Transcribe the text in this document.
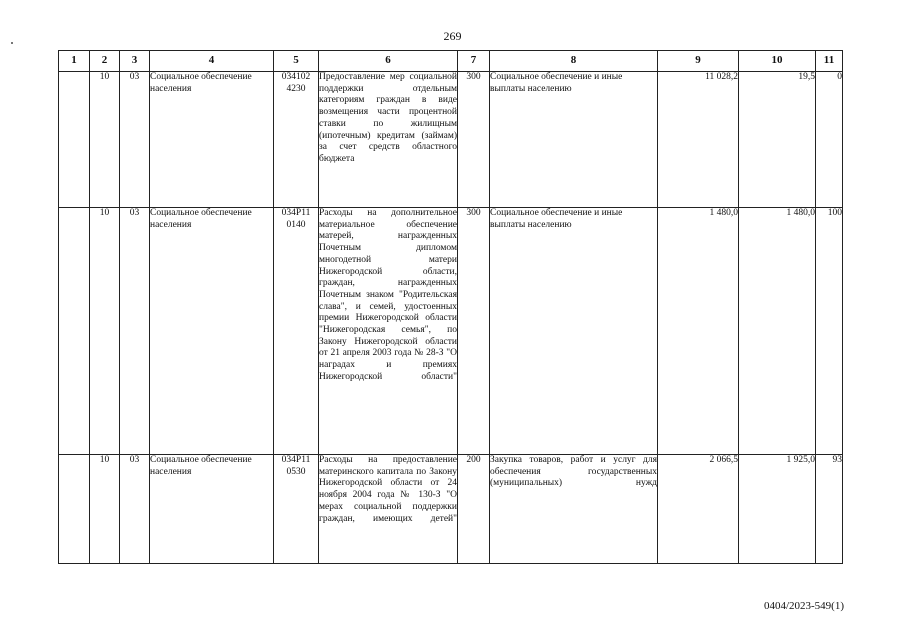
269
1	2	3	4	5	6	7	8	9	10	11
	10	03	Социальное обеспечение населения	034102 4230	Предоставление мер социальной поддержки отдельным категориям граждан в виде возмещения части процентной ставки по жилищным (ипотечным) кредитам (займам) за счет средств областного бюджета	300	Социальное обеспечение и иные выплаты населению	11 028,2	19,5	0
	10	03	Социальное обеспечение населения	034P11 0140	Расходы на дополнительное материальное обеспечение матерей, награжденных Почетным дипломом многодетной матери Нижегородской области, граждан, награжденных Почетным знаком "Родительская слава", и семей, удостоенных премии Нижегородской области "Нижегородская семья", по Закону Нижегородской области от 21 апреля 2003 года № 28-З "О наградах и премиях Нижегородской области"	300	Социальное обеспечение и иные выплаты населению	1 480,0	1 480,0	100
	10	03	Социальное обеспечение населения	034P11 0530	Расходы на предоставление материнского капитала по Закону Нижегородской области от 24 ноября 2004 года № 130-З "О мерах социальной поддержки граждан, имеющих детей"	200	Закупка товаров, работ и услуг для обеспечения государственных (муниципальных) нужд	2 066,5	1 925,0	93
0404/2023-549(1)
